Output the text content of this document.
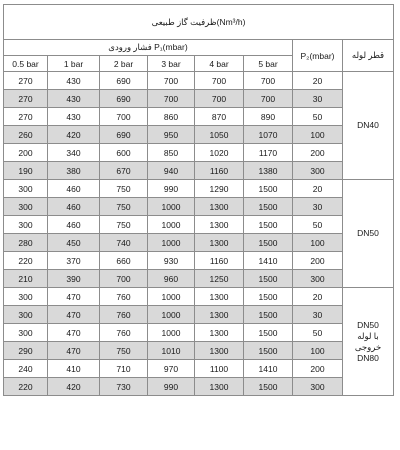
ظرفیت گاز طبیعی(Nm³/h)							
فشار ورودی P₁(mbar)						P₂(mbar)	قطر لوله
0.5 bar	1 bar	2 bar	3 bar	4 bar	5 bar		
270	430	690	700	700	700	20	DN40

270	430	690	700	700	700	30	
270	430	700	860	870	890	50	
260	420	690	950	1050	1070	100	
200	340	600	850	1020	1170	200	
190	380	670	940	1160	1380	300	
300	460	750	990	1290	1500	20	DN50

300	460	750	1000	1300	1500	30	
300	460	750	1000	1300	1500	50	
280	450	740	1000	1300	1500	100	
220	370	660	930	1160	1410	200	
210	390	700	960	1250	1500	300	
300	470	760	1000	1300	1500	20	DN50
با لوله خروجی
DN80

300	470	760	1000	1300	1500	30	
300	470	760	1000	1300	1500	50	
290	470	750	1010	1300	1500	100	
240	410	710	970	1100	1410	200	
220	420	730	990	1300	1500	300	
